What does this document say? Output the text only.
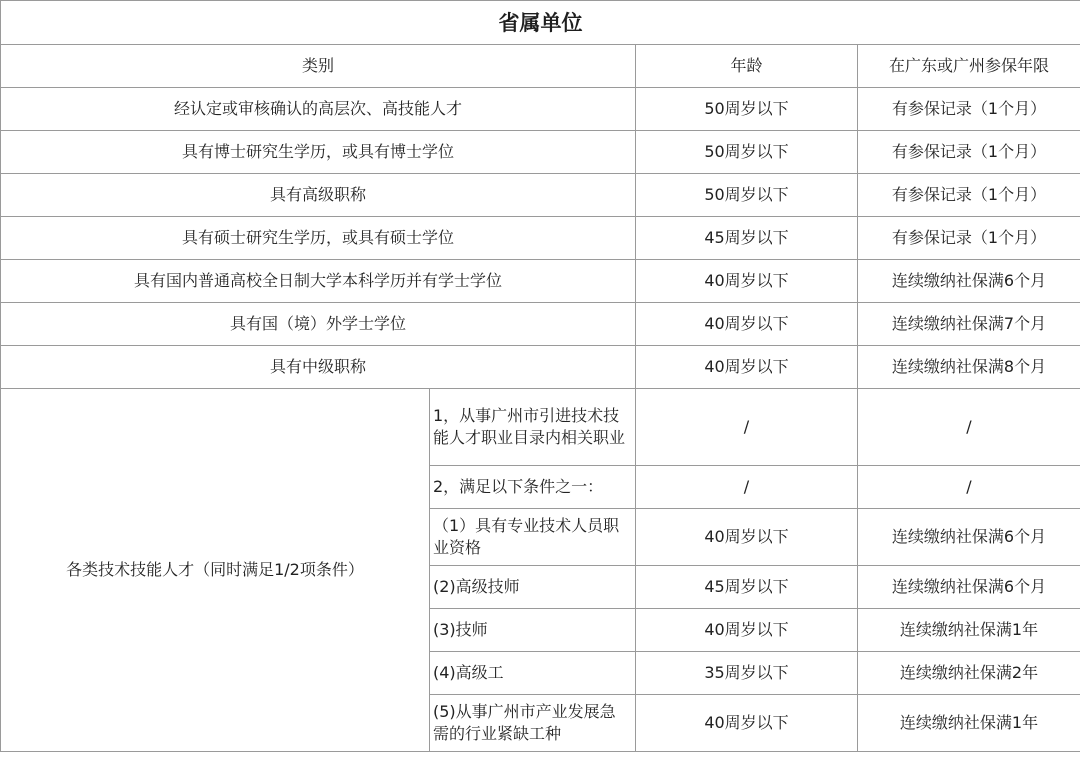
省属单位			
类别		年龄	在广东或广州参保年限
经认定或审核确认的高层次、高技能人才		50周岁以下	有参保记录（1个月）
具有博士研究生学历，或具有博士学位		50周岁以下	有参保记录（1个月）
具有高级职称		50周岁以下	有参保记录（1个月）
具有硕士研究生学历，或具有硕士学位		45周岁以下	有参保记录（1个月）
具有国内普通高校全日制大学本科学历并有学士学位		40周岁以下	连续缴纳社保满6个月
具有国（境）外学士学位		40周岁以下	连续缴纳社保满7个月
具有中级职称		40周岁以下	连续缴纳社保满8个月
各类技术技能人才（同时满足1/2项条件）	1，从事广州市引进技术技能人才职业目录内相关职业	/	/
	2，满足以下条件之一：	/	/
	（1）具有专业技术人员职业资格	40周岁以下	连续缴纳社保满6个月
	(2)高级技师	45周岁以下	连续缴纳社保满6个月
	(3)技师	40周岁以下	连续缴纳社保满1年
	(4)高级工	35周岁以下	连续缴纳社保满2年
	(5)从事广州市产业发展急需的行业紧缺工种	40周岁以下	连续缴纳社保满1年
